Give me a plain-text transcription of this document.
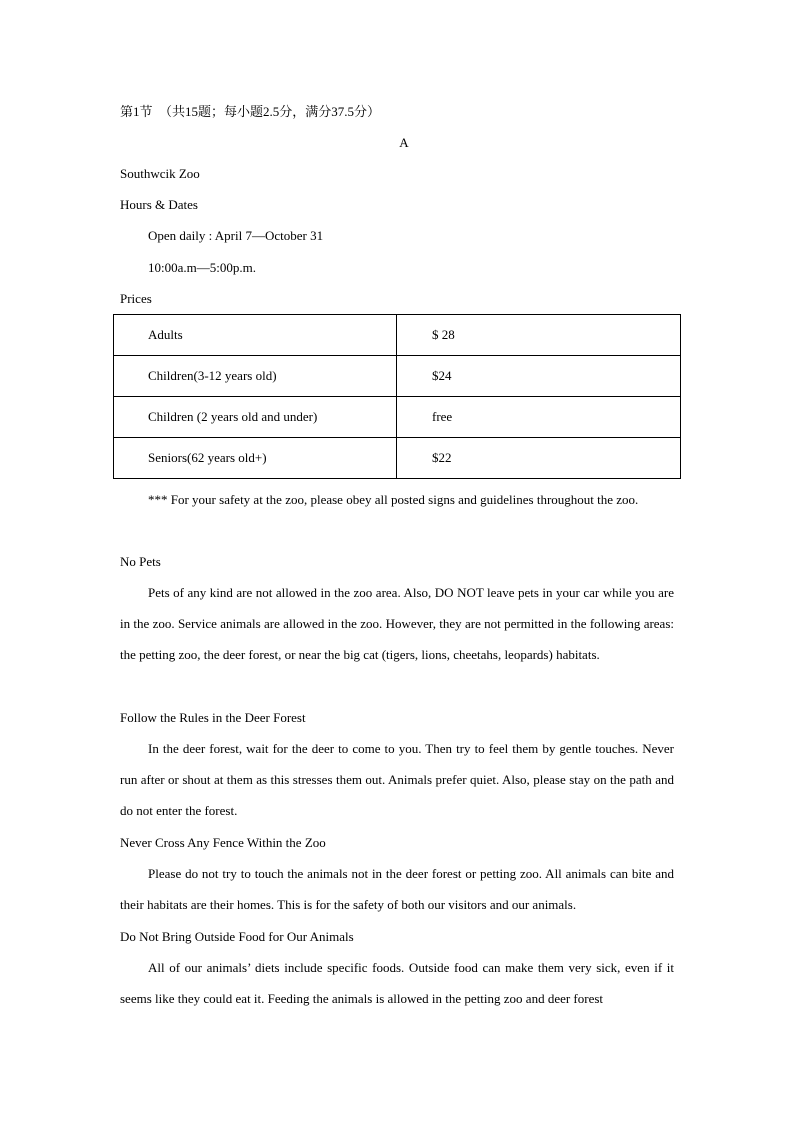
第1节　（共15题；每小题2.5分，满分37.5分）
A
Southwcik Zoo
Hours & Dates
Open daily : April 7—October 31
10:00a.m—5:00p.m.
Prices
Adults	$ 28
Children(3-12 years old)	$24
Children (2 years old and under)	free
Seniors(62 years old+)	$22

*** For your safety at the zoo, please obey all posted signs and guidelines throughout the zoo.

No Pets

Pets of any kind are not allowed in the zoo area. Also, DO NOT leave pets in your car while you are in the zoo. Service animals are allowed in the zoo. However, they are not permitted in the following areas: the petting zoo, the deer forest, or near the big cat (tigers, lions, cheetahs, leopards) habitats.

Follow the Rules in the Deer Forest

In the deer forest, wait for the deer to come to you. Then try to feel them by gentle touches. Never run after or shout at them as this stresses them out. Animals prefer quiet. Also, please stay on the path and do not enter the forest.

Never Cross Any Fence Within the Zoo

Please do not try to touch the animals not in the deer forest or petting zoo. All animals can bite and their habitats are their homes. This is for the safety of both our visitors and our animals.

Do Not Bring Outside Food for Our Animals

All of our animals’ diets include specific foods. Outside food can make them very sick, even if it seems like they could eat it. Feeding the animals is allowed in the petting zoo and deer forest
